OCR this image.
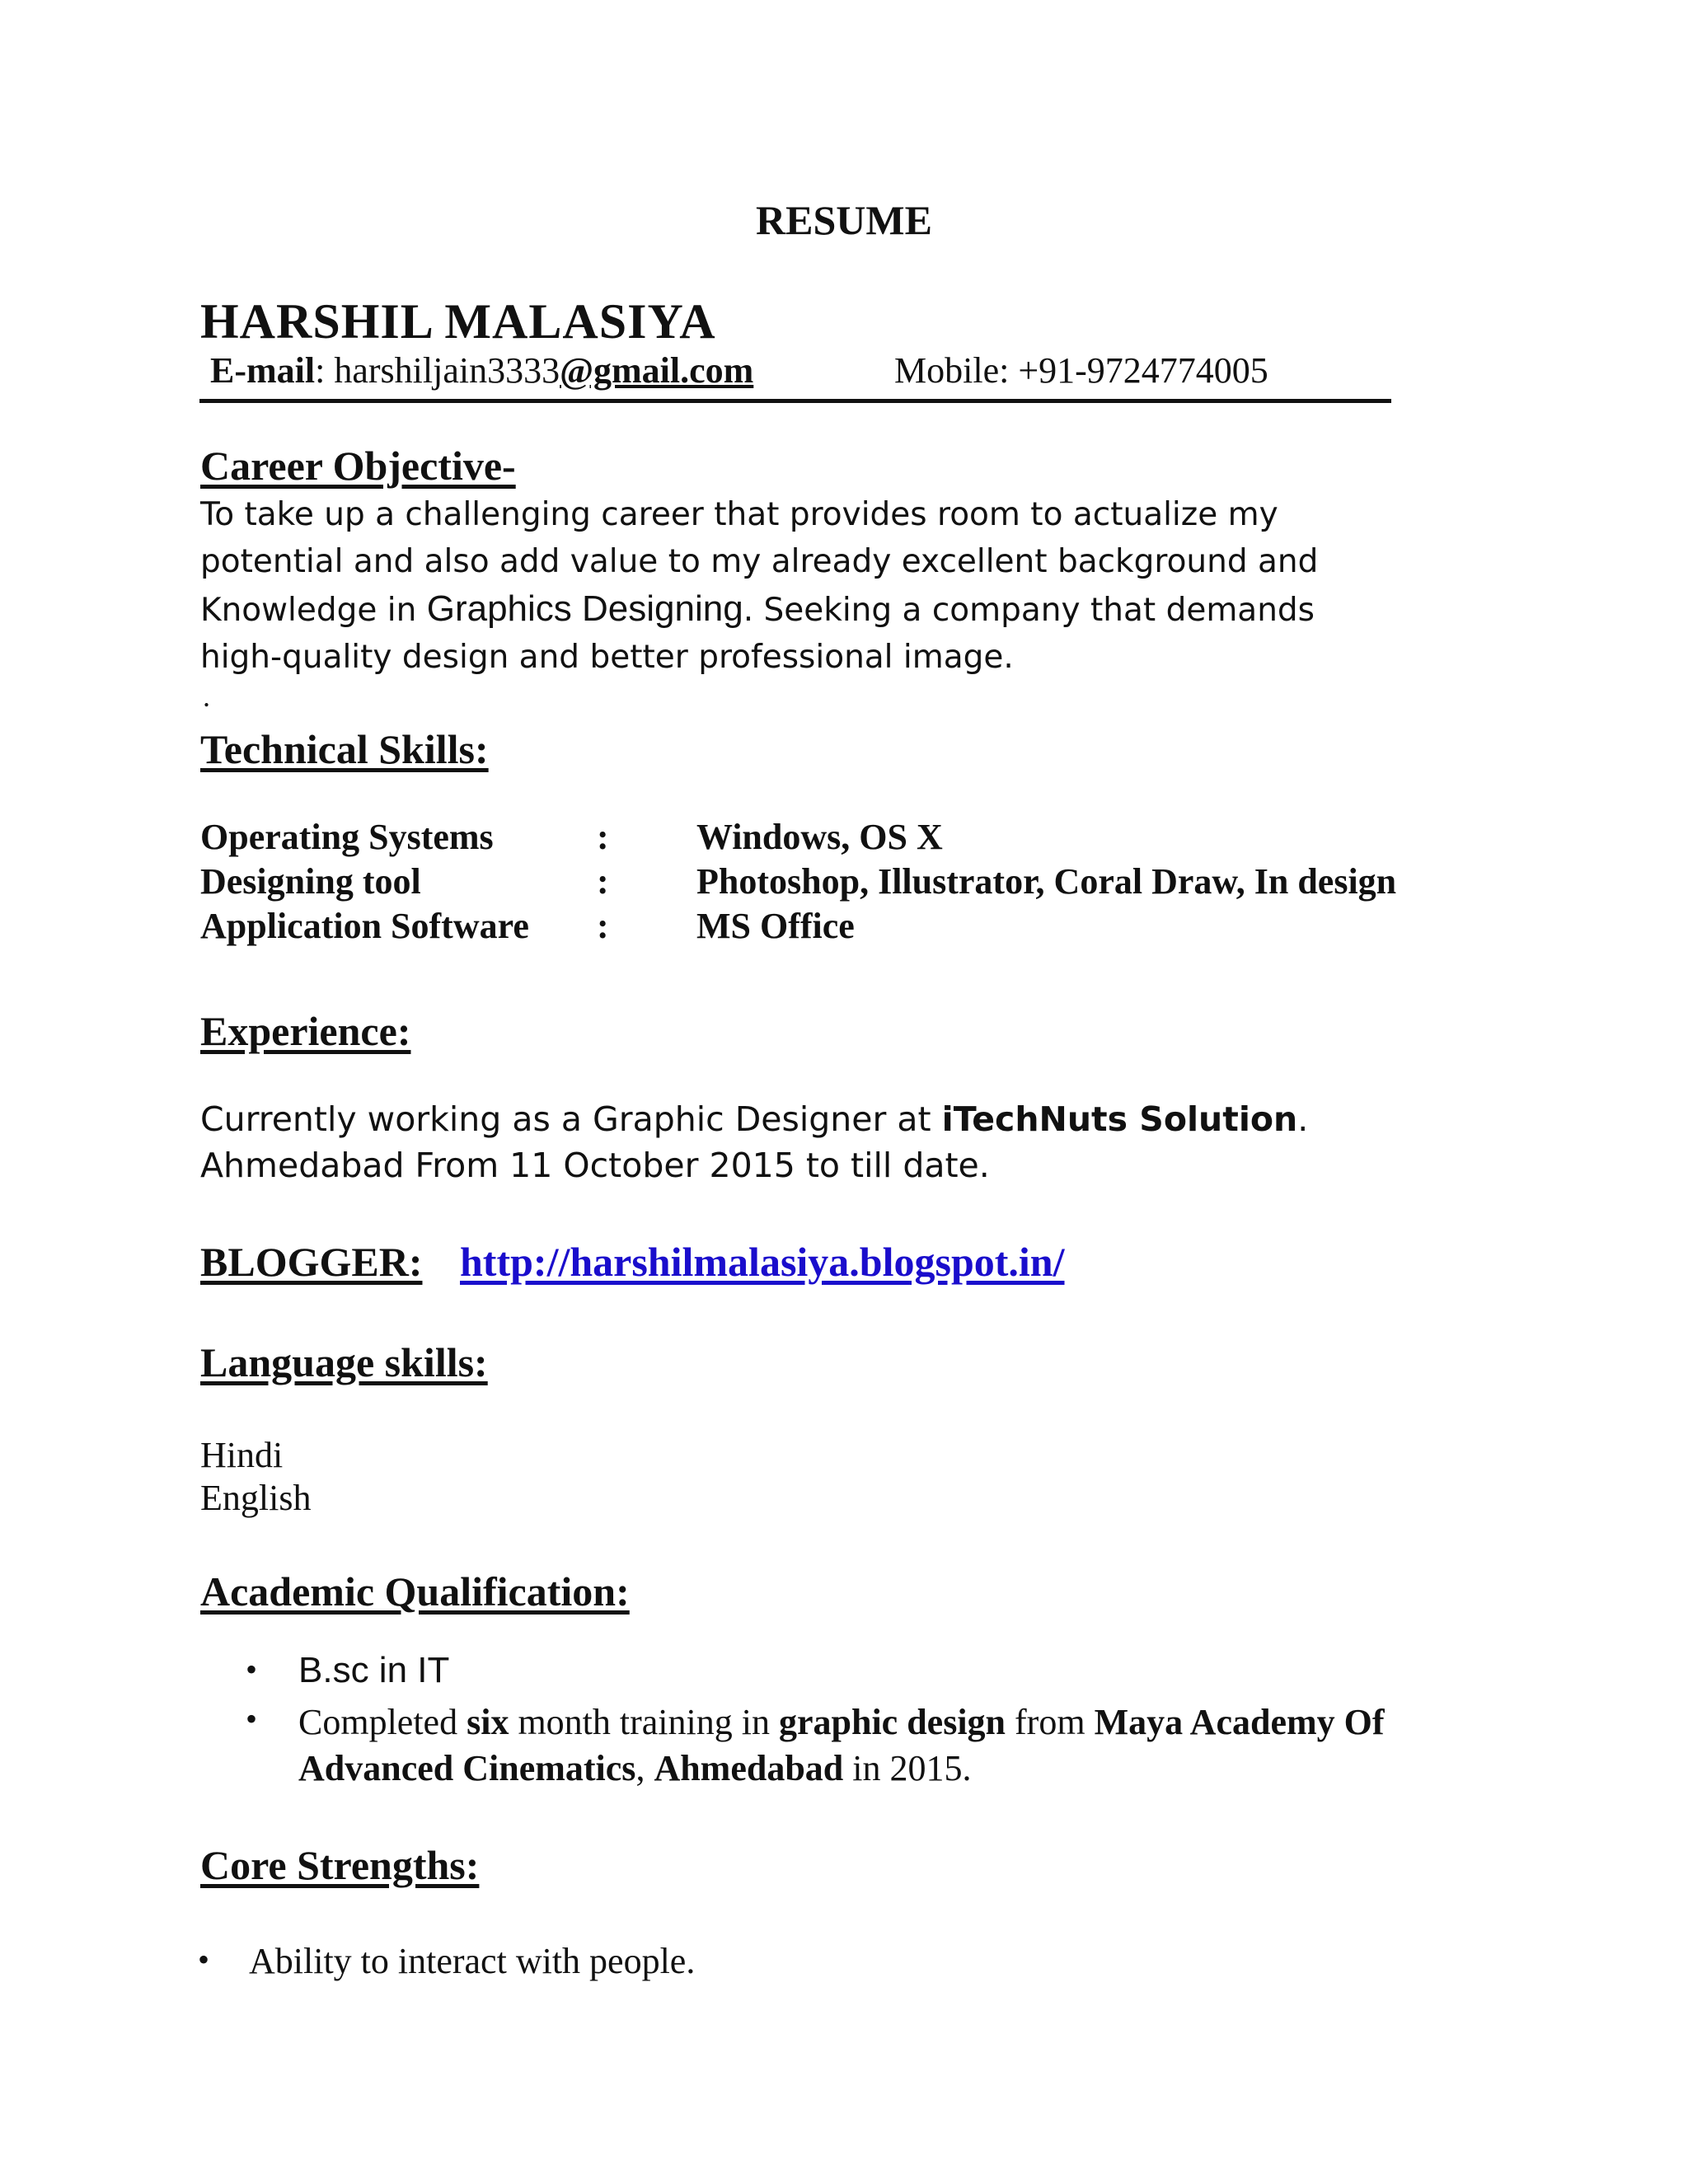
RESUME
HARSHIL MALASIYA
E-mail: harshiljain3333@gmail.com	Mobile: +91-9724774005
Career Objective-
To take up a challenging career that provides room to actualize my potential and also add value to my already excellent background and Knowledge in Graphics Designing. Seeking a company that demands high-quality design and better professional image.
.
Technical Skills:
Operating Systems	: Windows, OS X
Designing tool	: Photoshop, Illustrator, Coral Draw, In design
Application Software : MS Office
Experience:
Currently working as a Graphic Designer at iTechNuts Solution. Ahmedabad From 11 October 2015 to till date.
BLOGGER: http://harshilmalasiya.blogspot.in/
Language skills:
Hindi
English
Academic Qualification:
• B.sc in IT
• Completed six month training in graphic design from Maya Academy Of Advanced Cinematics, Ahmedabad in 2015.
Core Strengths:
• Ability to interact with people.
